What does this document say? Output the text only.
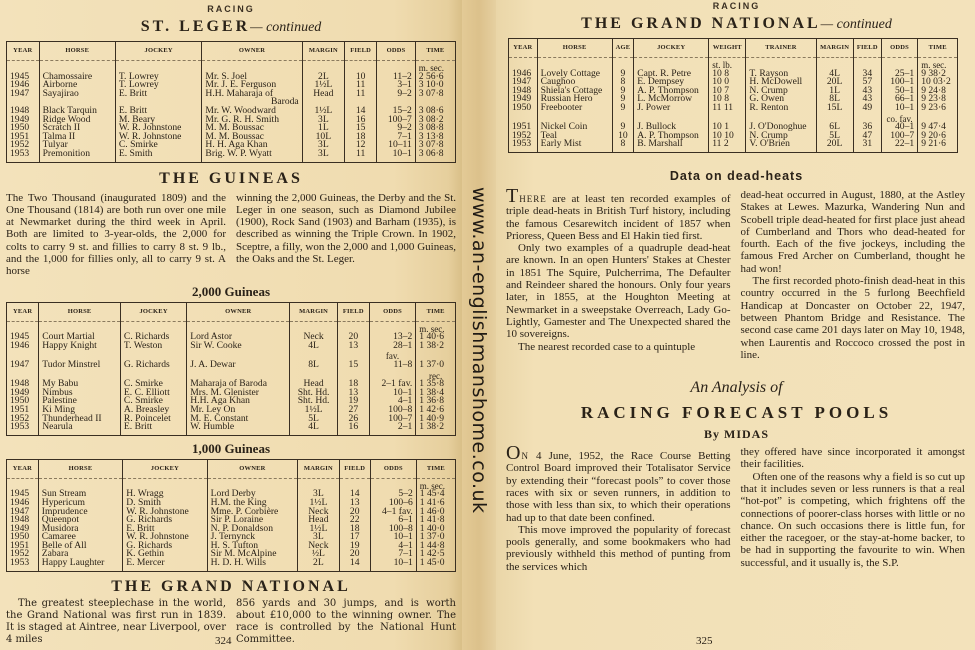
RACING
ST. LEGER— continued
YEAR	HORSE	JOCKEY	OWNER	MARGIN	FIELD	ODDS	TIME
							m. sec.
1945	Chamossaire	T. Lowrey	Mr. S. Joel	2L	10	11–2	2 56·6
1946	Airborne	T. Lowrey	Mr. J. E. Ferguson	1½L	11	3–1	3 10·0
1947	Sayajirao	E. Britt	H.H. Maharaja of	Head	11	9–2	3 07·8
			Baroda				
1948	Black Tarquin	E. Britt	Mr. W. Woodward	1½L	14	15–2	3 08·6
1949	Ridge Wood	M. Beary	Mr. G. R. H. Smith	3L	16	100–7	3 08·2
1950	Scratch II	W. R. Johnstone	M. M. Boussac	1L	15	9–2	3 08·8
1951	Talma II	W. R. Johnstone	M. M. Boussac	10L	18	7–1	3 13·8
1952	Tulyar	C. Smirke	H. H. Aga Khan	3L	12	10–11	3 07·8
1953	Premonition	E. Smith	Brig. W. P. Wyatt	3L	11	10–1	3 06·8
THE GUINEAS

The Two Thousand (inaugurated 1809) and the One Thousand (1814) are both run over one mile at Newmarket during the third week in April. Both are limited to 3-year-olds, the 2,000 for colts to carry 9 st. and fillies to carry 8 st. 9 lb., and the 1,000 for fillies only, all to carry 9 st. A horse

winning the 2,000 Guineas, the Derby and the St. Leger in one season, such as Diamond Jubilee (1900), Rock Sand (1903) and Barham (1935), is described as winning the Triple Crown. In 1902, Sceptre, a filly, won the 2,000 and 1,000 Guineas, the Oaks and the St. Leger.

2,000 Guineas
YEAR	HORSE	JOCKEY	OWNER	MARGIN	FIELD	ODDS	TIME
							m. sec.
1945	Court Martial	C. Richards	Lord Astor	Neck	20	13–2	1 40·6
1946	Happy Knight	T. Weston	Sir W. Cooke	4L	13	28–1	1 38·2
						fav.	
1947	Tudor Minstrel	G. Richards	J. A. Dewar	8L	15	11–8	1 37·0
							rec.
1948	My Babu	C. Smirke	Maharaja of Baroda	Head	18	2–1 fav.	1 35·8
1949	Nimbus	E. C. Elliott	Mrs. M. Glenister	Sht. Hd.	13	10–1	1 38·4
1950	Palestine	C. Smirke	H.H. Aga Khan	Sht. Hd.	19	4–1	1 36·8
1951	Ki Ming	A. Breasley	Mr. Ley On	1½L	27	100–8	1 42·6
1952	Thunderhead II	R. Poincelet	M. E. Constant	5L	26	100–7	1 40·9
1953	Nearula	E. Britt	W. Humble	4L	16	2–1	1 38·2
1,000 Guineas
YEAR	HORSE	JOCKEY	OWNER	MARGIN	FIELD	ODDS	TIME
							m. sec.
1945	Sun Stream	H. Wragg	Lord Derby	3L	14	5–2	1 45·4
1946	Hypericum	D. Smith	H.M. the King	1½L	13	100–6	1 41·6
1947	Imprudence	W. R. Johnstone	Mme. P. Corbière	Neck	20	4–1 fav.	1 46·0
1948	Queenpot	G. Richards	Sir P. Loraine	Head	22	6–1	1 41·8
1949	Musidora	E. Britt	N. P. Donaldson	1½L	18	100–8	1 40·0
1950	Camaree	W. R. Johnstone	J. Ternynck	3L	17	10–1	1 37·0
1951	Belle of All	G. Richards	H. S. Tufton	Neck	19	4–1	1 44·8
1952	Zabara	K. Gethin	Sir M. McAlpine	½L	20	7–1	1 42·5
1953	Happy Laughter	E. Mercer	H. D. H. Wills	2L	14	10–1	1 45·0
THE GRAND NATIONAL

The greatest steeplechase in the world, the Grand National was first run in 1839. It is staged at Aintree, near Liverpool, over 4 miles

856 yards and 30 jumps, and is worth about £10,000 to the winning owner. The race is controlled by the National Hunt Committee.

324
www.an-englishmanshome.co.uk
RACING
THE GRAND NATIONAL— continued
YEAR	HORSE	AGE	JOCKEY	WEIGHT	TRAINER	MARGIN	FIELD	ODDS	TIME
				st. lb.					m. sec.
1946	Lovely Cottage	9	Capt. R. Petre	10 8	T. Rayson	4L	34	25–1	9 38·2
1947	Caughoo	8	E. Dempsey	10 0	H. McDowell	20L	57	100–1	10 03·2
1948	Shiela's Cottage	9	A. P. Thompson	10 7	N. Crump	1L	43	50–1	9 24·8
1949	Russian Hero	9	L. McMorrow	10 8	G. Owen	8L	43	66–1	9 23·8
1950	Freebooter	9	J. Power	11 11	R. Renton	15L	49	10–1	9 23·6
								co. fav.	
1951	Nickel Coin	9	J. Bullock	10 1	J. O'Donoghue	6L	36	40–1	9 47·4
1952	Teal	10	A. P. Thompson	10 10	N. Crump	5L	47	100–7	9 20·6
1953	Early Mist	8	B. Marshall	11 2	V. O'Brien	20L	31	22–1	9 21·6
Data on dead-heats

THERE are at least ten recorded examples of triple dead-heats in British Turf history, including the famous Cesarewitch incident of 1857 when Prioress, Queen Bess and El Hakin tied first.

Only two examples of a quadruple dead-heat are known. In an open Hunters' Stakes at Chester in 1851 The Squire, Pulcherrima, The Defaulter and Reindeer shared the honours. Only four years later, in 1855, at the Houghton Meeting at Newmarket in a sweepstake Overreach, Lady Go-Lightly, Gamester and The Unexpected shared the 10 sovereigns.

The nearest recorded case to a quintuple

dead-heat occurred in August, 1880, at the Astley Stakes at Lewes. Mazurka, Wandering Nun and Scobell triple dead-heated for first place just ahead of Cumberland and Thors who dead-heated for fourth. Each of the five jockeys, including the famous Fred Archer on Cumberland, thought he had won!

The first recorded photo-finish dead-heat in this country occurred in the 5 furlong Beechfield Handicap at Doncaster on October 22, 1947, between Phantom Bridge and Resistance. The second case came 201 days later on May 10, 1948, when Laurentis and Roccoco crossed the post in line.

An Analysis of
RACING FORECAST POOLS
By MIDAS

ON 4 June, 1952, the Race Course Betting Control Board improved their Totalisator Service by extending their “forecast pools” to cover those races with six or seven runners, in addition to those with less than six, to which their operations had up to that date been confined.

This move improved the popularity of forecast pools generally, and some bookmakers who had previously withheld this method of punting from the services which

they offered have since incorporated it amongst their facilities.

Often one of the reasons why a field is so cut up that it includes seven or less runners is that a real “hot-pot” is competing, which frightens off the connections of poorer-class horses with little or no chance. On such occasions there is little fun, for either the racegoer, or the stay-at-home backer, to be had in supporting the favourite to win. When successful, and it usually is, the S.P.

325
